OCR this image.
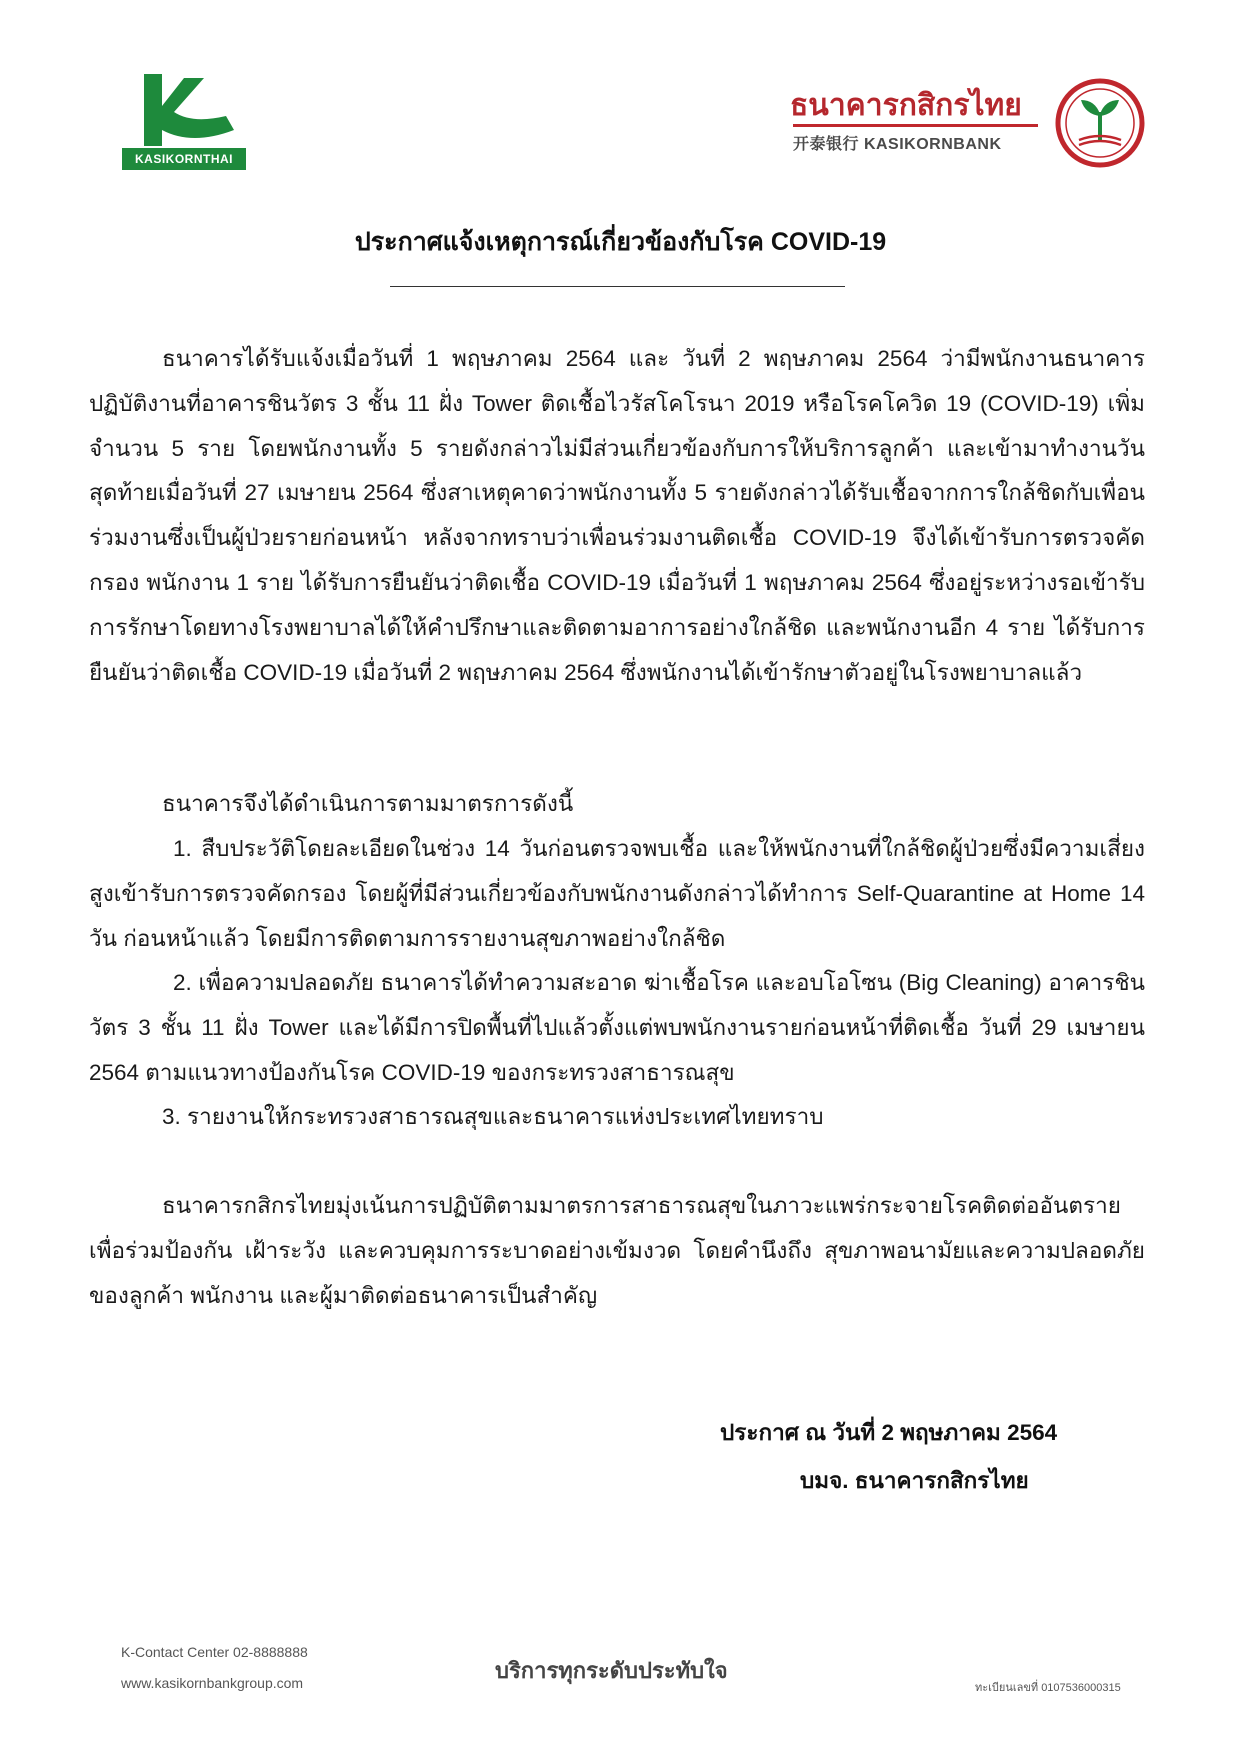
KASIKORNTHAI
ธนาคารกสิกรไทย
开泰银行 KASIKORNBANK
ประกาศแจ้งเหตุการณ์เกี่ยวข้องกับโรค COVID-19
ธนาคารได้รับแจ้งเมื่อวันที่ 1 พฤษภาคม 2564 และ วันที่ 2 พฤษภาคม 2564 ว่ามีพนักงานธนาคาร ปฏิบัติงานที่อาคารชินวัตร 3 ชั้น 11 ฝั่ง Tower ติดเชื้อไวรัสโคโรนา 2019 หรือโรคโควิด 19 (COVID-19) เพิ่มจำนวน 5 ราย โดยพนักงานทั้ง 5 รายดังกล่าวไม่มีส่วนเกี่ยวข้องกับการให้บริการลูกค้า และเข้ามาทำงานวันสุดท้ายเมื่อวันที่ 27 เมษายน 2564 ซึ่งสาเหตุคาดว่าพนักงานทั้ง 5 รายดังกล่าวได้รับเชื้อจากการใกล้ชิดกับเพื่อนร่วมงานซึ่งเป็นผู้ป่วยรายก่อนหน้า หลังจากทราบว่าเพื่อนร่วมงานติดเชื้อ COVID-19 จึงได้เข้ารับการตรวจคัดกรอง พนักงาน 1 ราย ได้รับการยืนยันว่าติดเชื้อ COVID-19 เมื่อวันที่ 1 พฤษภาคม 2564 ซึ่งอยู่ระหว่างรอเข้ารับการรักษาโดยทางโรงพยาบาลได้ให้คำปรึกษาและติดตามอาการอย่างใกล้ชิด และพนักงานอีก 4 ราย ได้รับการยืนยันว่าติดเชื้อ COVID-19 เมื่อวันที่ 2 พฤษภาคม 2564 ซึ่งพนักงานได้เข้ารักษาตัวอยู่ในโรงพยาบาลแล้ว
ธนาคารจึงได้ดำเนินการตามมาตรการดังนี้
1. สืบประวัติโดยละเอียดในช่วง 14 วันก่อนตรวจพบเชื้อ และให้พนักงานที่ใกล้ชิดผู้ป่วยซึ่งมีความเสี่ยงสูงเข้ารับการตรวจคัดกรอง โดยผู้ที่มีส่วนเกี่ยวข้องกับพนักงานดังกล่าวได้ทำการ Self-Quarantine at Home 14 วัน ก่อนหน้าแล้ว โดยมีการติดตามการรายงานสุขภาพอย่างใกล้ชิด
2. เพื่อความปลอดภัย ธนาคารได้ทำความสะอาด ฆ่าเชื้อโรค และอบโอโซน (Big Cleaning) อาคารชินวัตร 3 ชั้น 11 ฝั่ง Tower และได้มีการปิดพื้นที่ไปแล้วตั้งแต่พบพนักงานรายก่อนหน้าที่ติดเชื้อ วันที่ 29 เมษายน 2564 ตามแนวทางป้องกันโรค COVID-19 ของกระทรวงสาธารณสุข
3. รายงานให้กระทรวงสาธารณสุขและธนาคารแห่งประเทศไทยทราบ
ธนาคารกสิกรไทยมุ่งเน้นการปฏิบัติตามมาตรการสาธารณสุขในภาวะแพร่กระจายโรคติดต่ออันตราย เพื่อร่วมป้องกัน เฝ้าระวัง และควบคุมการระบาดอย่างเข้มงวด โดยคำนึงถึง สุขภาพอนามัยและความปลอดภัยของลูกค้า พนักงาน และผู้มาติดต่อธนาคารเป็นสำคัญ
ประกาศ ณ วันที่ 2 พฤษภาคม 2564
บมจ. ธนาคารกสิกรไทย
K-Contact Center 02-8888888
www.kasikornbankgroup.com	บริการทุกระดับประทับใจ
ทะเบียนเลขที่ 0107536000315
